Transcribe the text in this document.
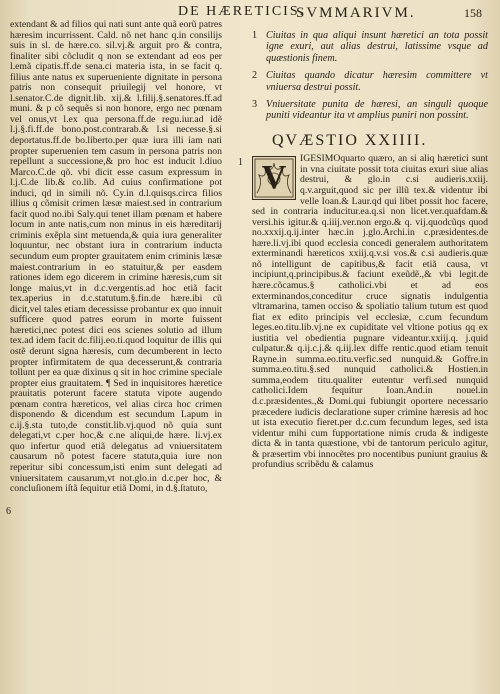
DE HÆRETICIS.
SVMMARIVM.	158

extendant & ad filios qui nati sunt ante quã eorũ patres hæresim incurrissent. Cald. nõ net hanc q.in consilijs suis in sl. de hære.co. sil.vj.& arguit pro & contra, finaliter sibi cõcludit q non se extendant ad eos per l.emã cipatis.ff.de sena.ci materia ista, in se facit q. filius ante natus ex superueniente dignitate in persona patris non consequit priuilegij vel honore, vt l.senator.C.de dignit.lib. xij.& l.filij.§.senatores.ff.ad muni. & p cõ sequẽs si non honore, ergo nec pœnam vel onus,vt l.ex qua persona.ff.de regu.iur.ad idẽ l.j.§.fi.ff.de bono.post.contrarab.& l.si necesse.§.si deportatus.ff.de bo.liberto.per quæ iura illi iam nati propter superuenien tem casum in persona patris non repellunt a successione,& pro hoc est inducit l.diuo Marco.C.de qõ. vbi dicit esse casum expressum in l.j.C.de lib.& co.lib. Ad cuius confirmatione pot induci, qd in simili nõ. Cy.in d.l.quisqs.circa filios illius q cõmisit crimen læsæ maiest.sed in contrarium facit quod no.ibi Saly.qui tenet illam pœnam et habere locum in ante natis,cum non minus in eis hæreditarij criminis exẽpla sint metuenda,& quia iura generaliter loquuntur, nec obstant iura in contrarium inducta secundum eum propter grauitatem enim criminis læsæ maiest.contrarium in eo statuitur,& per easdem rationes idem ego dicerem in crimine hæresis,cum sit longe maius,vt in d.c.vergentis.ad hoc etiã facit tex.aperius in d.c.statutum.§.fin.de hære.ibi cũ dicit,vel tales etiam decessisse probantur ex quo innuit sufficere quod patres eorum in morte fuissent hæretici,nec potest dici eos scienes solutio ad illum tex.ad idem facit dc.filij.eo.ti.quod loquitur de illis qui ostẽ derunt signa hæresis, cum decumberent in lecto propter infirmitatem de qua decesserunt,& contraria tollunt per ea quæ dixinus q sit in hoc crimine speciale propter eius grauitatem. ¶ Sed in inquisitores hæretice prauitatis poterunt facere statuta vipote augendo pœnam contra hæreticos, vel alias circa hoc crimen disponendo & dicendum est secundum Lapum in c.ij.§.sta tuto,de constit.lib.vj.quod nõ quia sunt delegati,vt c.per hoc,& c.ne aliqui,de hære. li.vj.ex quo infertur quod etiã delegatus ad vniuersitatem causarum nõ potest facere statuta,quia iure non reperitur sibi concessum,isti enim sunt delegati ad vniuersitatem causarum,vt not.glo.in d.c.per hoc, & concluſionem iſtã ſequitur etiã Domi, in d.§.ſtatuto,

6
1 Ciuitas in qua aliqui insunt hæretici an tota possit igne exuri, aut alias destrui, latissime vsque ad quæstionis finem.
2 Ciuitas quando dicatur hæresim committere vt vniuersa destrui possit.
3 Vniuersitate punita de hæresi, an singuli quoque puniti videantur ita vt amplius puniri non possint.
QVÆSTIO XXIIII.
1 V
IGESIMOquarto quæro, an si aliq hæretici sunt in vna ciuitate possit tota ciuitas exuri siue alias destrui, & glo.in c.si audieris.xxiij. q.v.arguit,quod sic per illũ tex.& videntur ibi velle Ioan.& Laur.qd qui libet possit hoc facere, sed in contraria inducitur.ea.q.si non licet.ver.quafdam.& versi.his igitur.& q.iiij.ver.non ergo.& q. vij.quodcũqs quod no.xxxij.q.ij.inter hæc.in j.glo.Archi.in c.præsidentes.de hære.li.vj.ibi quod ecclesia concedi generalem authoritatem exterminandi hæreticos xxiij.q.v.si vos.& c.si audieris.quæ nõ intelligunt de capitibus,& facit etiã causa, vt incipiunt,q.principibus.& faciunt exeũdẽ.,& vbi legit.de hære.cõcamus.§ catholici.vbi et ad eos exterminandos,conceditur cruce signatis indulgentia vltramarina, tamen occiso & spoliatio talium tutum est quod fiat ex edito principis vel ecclesiæ, c.cum fecundum leges.eo.titu.lib.vj.ne ex cupiditate vel vltione potius qq ex iustitia vel obedientia pugnare videantur.xxiij.q. j.quid culpatur.& q.ij.c.j.& q.iij.lex diffe rentic.quod etiam tenuit Rayne.in summa.eo.titu.verfic.sed nunquid.& Goffre.in summa.eo.titu.§.sed nunquid catholici.& Hostien.in summa,eodem titu.qualiter eutentur verfi.sed nunquid catholici.Idem fequitur Ioan.And.in nouel.in d.c.præsidentes.,& Domi.qui fubiungit oportere necessario præcedere iudicis declaratione super crimine hæresis ad hoc ut ista executio fieret.per d.c.cum fecundum leges, sed ista videntur mihi cum fupportatione nimis cruda & indigeste dicta & in tanta quæstione, vbi de tantorum periculo agitur, & præsertim vbi innocẽtes pro nocentibus puniunt grauius & profundius scribẽdu & calamus
